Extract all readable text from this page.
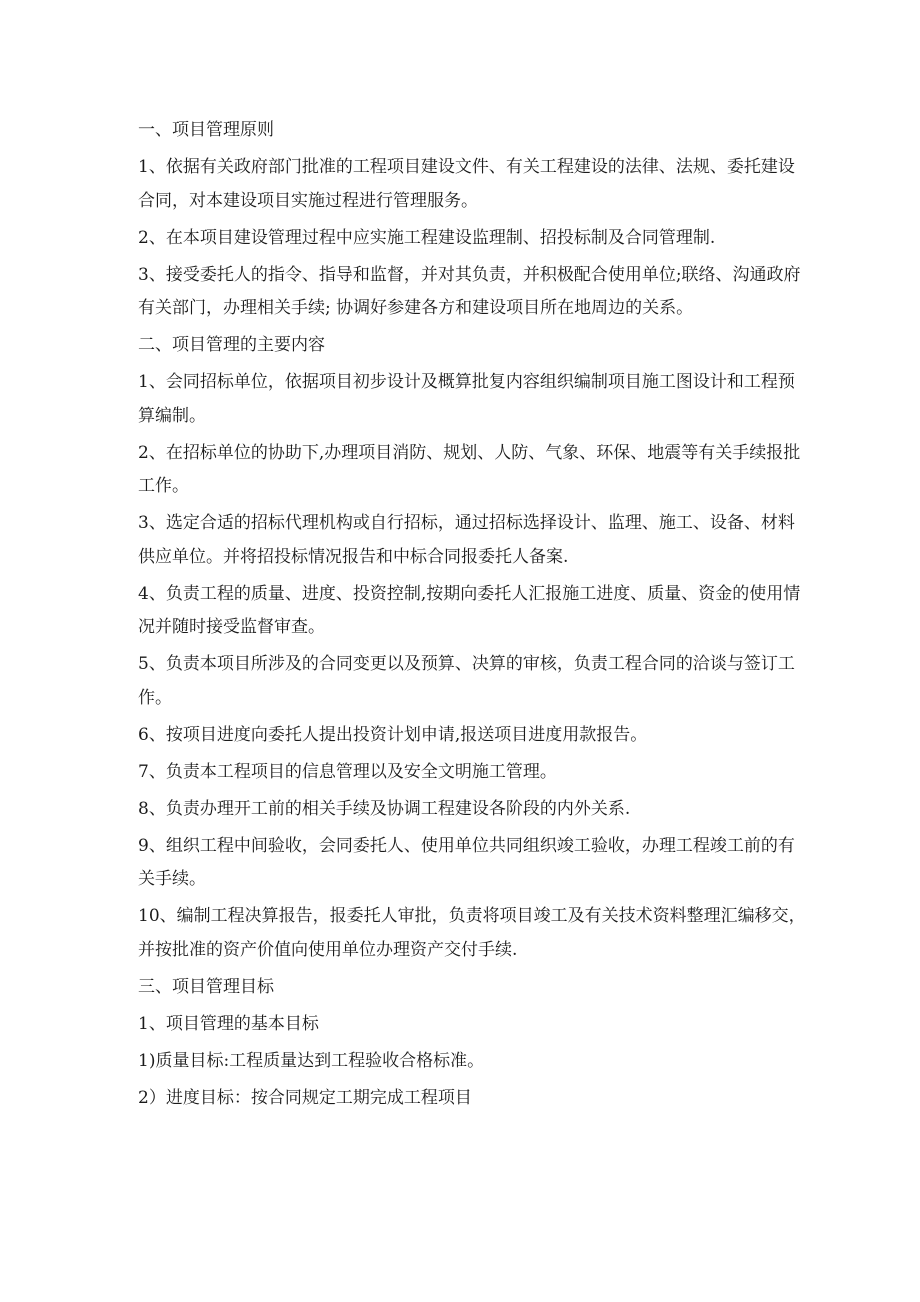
一、项目管理原则

1、依据有关政府部门批准的工程项目建设文件、有关工程建设的法律、法规、委托建设合同，对本建设项目实施过程进行管理服务。

2、在本项目建设管理过程中应实施工程建设监理制、招投标制及合同管理制.

3、接受委托人的指令、指导和监督，并对其负责，并积极配合使用单位;联络、沟通政府有关部门，办理相关手续; 协调好参建各方和建设项目所在地周边的关系。

二、项目管理的主要内容

1、会同招标单位，依据项目初步设计及概算批复内容组织编制项目施工图设计和工程预算编制。

2、在招标单位的协助下,办理项目消防、规划、人防、气象、环保、地震等有关手续报批工作。

3、选定合适的招标代理机构或自行招标，通过招标选择设计、监理、施工、设备、材料供应单位。并将招投标情况报告和中标合同报委托人备案.

4、负责工程的质量、进度、投资控制,按期向委托人汇报施工进度、质量、资金的使用情况并随时接受监督审查。

5、负责本项目所涉及的合同变更以及预算、决算的审核，负责工程合同的洽谈与签订工作。

6、按项目进度向委托人提出投资计划申请,报送项目进度用款报告。

7、负责本工程项目的信息管理以及安全文明施工管理。

8、负责办理开工前的相关手续及协调工程建设各阶段的内外关系.

9、组织工程中间验收，会同委托人、使用单位共同组织竣工验收，办理工程竣工前的有关手续。

10、编制工程决算报告，报委托人审批，负责将项目竣工及有关技术资料整理汇编移交，并按批准的资产价值向使用单位办理资产交付手续.

三、项目管理目标

1、项目管理的基本目标

1)质量目标:工程质量达到工程验收合格标准。

2）进度目标：按合同规定工期完成工程项目
